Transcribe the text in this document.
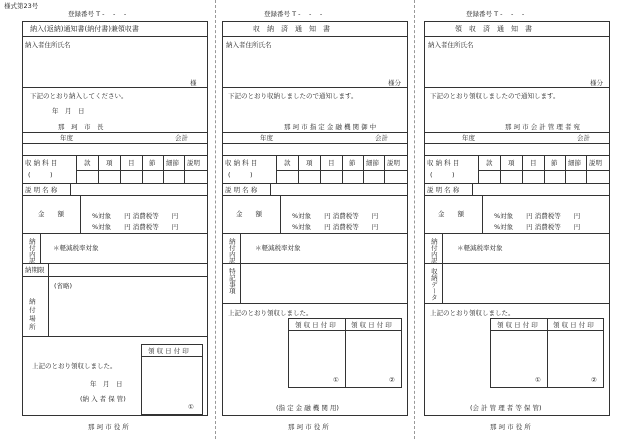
様式第23号
登録番号 T -　 -　 -
納入(返納)通知書(納付書)兼領収書
納入者住所氏名
様
下記のとおり納入してください。
年　月　日
那　珂　市　長
年度	会計
収 納 科 目
(　　　)
款 項 目 節 細節 説明
説 明 名 称
金　　額	%対象　　円 消費税等　　円
%対象　　円 消費税等　　円
納付内訳	＊軽減税率対象
納期限
(省略)
納付場所
上記のとおり領収しました。
年　月　日
(納 入 者 保 管)
領 収 日 付 印
①
那 珂 市 役 所
登録番号 T -　 -　 -
収　納　済　通　知　書
納入者住所氏名
様分
下記のとおり収納しましたので通知します。
那 珂 市 指 定 金 融 機 関 御 中
年度	会計
収 納 科 目
(　　　)
款 項 目 節 細節 説明
説 明 名 称
金　　額	%対象　　円 消費税等　　円
%対象　　円 消費税等　　円
納付内訳	＊軽減税率対象
特記事項
上記のとおり領収しました。
領 収 日 付 印 領 収 日 付 印
①	②
(指 定 金 融 機 関 用)
那 珂 市 役 所
登録番号 T -　 -　 -
領　収　済　通　知　書
納入者住所氏名
様分
下記のとおり領収しましたので通知します。
那 珂 市 会 計 管 理 者 宛
年度	会計
収 納 科 目
(　　　)
款 項 目 節 細節 説明
説 明 名 称
金　　額	%対象　　円 消費税等　　円
%対象　　円 消費税等　　円
納付内訳	＊軽減税率対象
収納データ
上記のとおり領収しました。
領 収 日 付 印 領 収 日 付 印
①	②
(会 計 管 理 者 等 保 管)
那 珂 市 役 所
